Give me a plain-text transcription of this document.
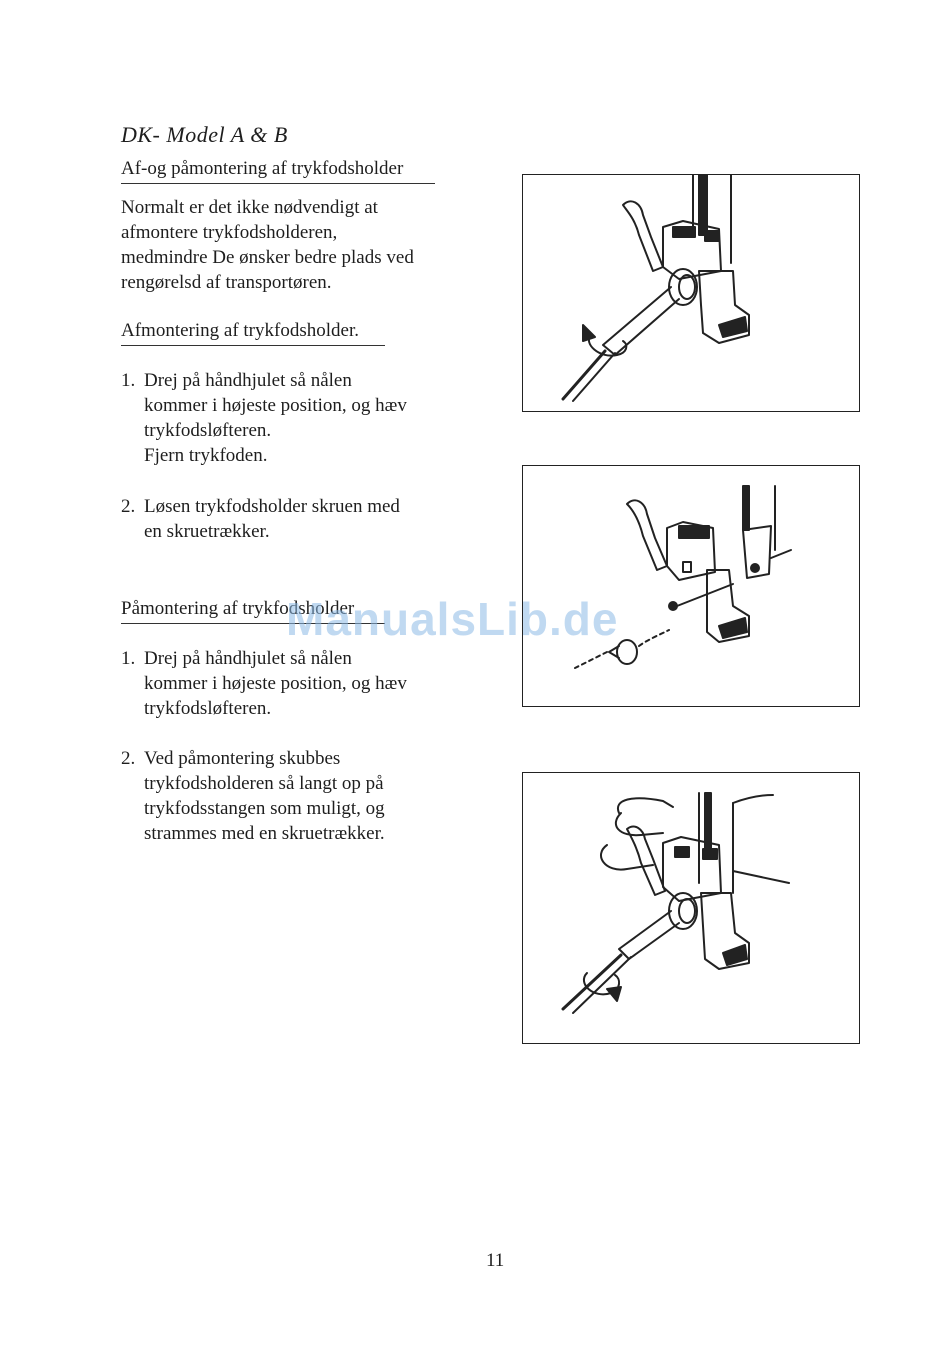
DK- Model A & B
Af-og påmontering af trykfodsholder
Normalt er det ikke nødvendigt at
afmontere trykfodsholderen,
medmindre De ønsker bedre plads ved
rengørelsd af transportøren.
Afmontering af trykfodsholder.
1. Drej på håndhjulet så nålen
kommer i højeste position, og hæv
trykfodsløfteren.
Fjern trykfoden.
2. Løsen trykfodsholder skruen med
en skruetrækker.
Påmontering af trykfodsholder
1. Drej på håndhjulet så nålen
kommer i højeste position, og hæv
trykfodsløfteren.
2. Ved påmontering skubbes
trykfodsholderen så langt op på
trykfodsstangen som muligt, og
strammes med en skruetrækker.
ManualsLib.de
11
